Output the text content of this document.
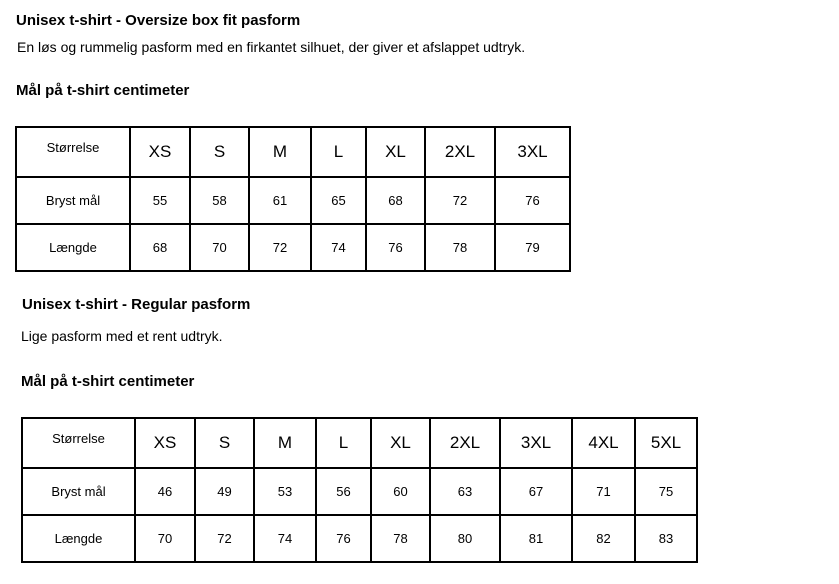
Unisex t-shirt - Oversize box fit pasform
En løs og rummelig pasform med en firkantet silhuet, der giver et afslappet udtryk.
Mål på t-shirt centimeter
Størrelse	XS	S	M	L	XL	2XL	3XL
Bryst mål	55	58	61	65	68	72	76
Længde	68	70	72	74	76	78	79
Unisex t-shirt - Regular pasform
Lige pasform med et rent udtryk.
Mål på t-shirt centimeter
Størrelse	XS	S	M	L	XL	2XL	3XL	4XL	5XL
Bryst mål	46	49	53	56	60	63	67	71	75
Længde	70	72	74	76	78	80	81	82	83
